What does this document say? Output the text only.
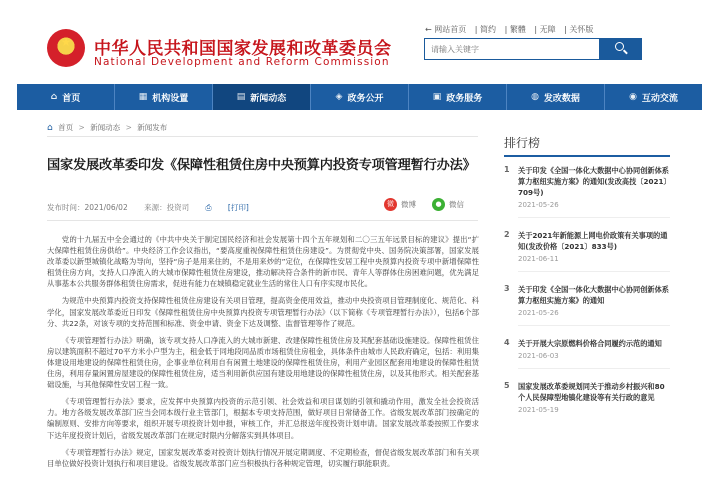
★	中华人民共和国国家发展和改革委员会
National Development and Reform Commission
← 网站首页 | 简约 | 繁體 | 无障 | 关怀版
请输入关键字
⌂ 首页	▦ 机构设置	▤ 新闻动态	◈ 政务公开	▣ 政务服务	◍ 发改数据	◉ 互动交流
⌂ 首页 > 新闻动态 > 新闻发布
国家发展改革委印发《保障性租赁住房中央预算内投资专项管理暂行办法》
发布时间：2021/06/02 来源：投资司 ⎙ [打印]	微 微博	● 微信

党的十九届五中全会通过的《中共中央关于制定国民经济和社会发展第十四个五年规划和二〇三五年远景目标的建议》提出“扩大保障性租赁住房供给”。中央经济工作会议指出，“要高度重视保障性租赁住房建设”。为贯彻党中央、国务院决策部署，国家发展改革委以新型城镇化战略为导向，坚持“房子是用来住的，不是用来炒的”定位，在保障性安居工程中央预算内投资专项中新增保障性租赁住房方向，支持人口净流入的大城市保障性租赁住房建设，推动解决符合条件的新市民、青年人等群体住房困难问题，优先满足从事基本公共服务群体租赁住房需求，促进有能力在城镇稳定就业生活的常住人口有序实现市民化。

为规范中央预算内投资支持保障性租赁住房建设有关项目管理，提高资金使用效益，推动中央投资项目管理制度化、规范化、科学化，国家发展改革委近日印发《保障性租赁住房中央预算内投资专项管理暂行办法》（以下简称《专项管理暂行办法》），包括6个部分、共22条，对该专项的支持范围和标准、资金申请、资金下达及调整、监督管理等作了规范。

《专项管理暂行办法》明确，该专项支持人口净流入的大城市新建、改建保障性租赁住房及其配套基础设施建设。保障性租赁住房以建筑面积不超过70平方米小户型为主，租金低于同地段同品质市场租赁住房租金，具体条件由城市人民政府确定，包括：利用集体建设用地建设的保障性租赁住房，企事业单位利用自有闲置土地建设的保障性租赁住房，利用产业园区配套用地建设的保障性租赁住房，利用存量闲置房屋建设的保障性租赁住房，适当利用新供应国有建设用地建设的保障性租赁住房，以及其他形式。相关配套基础设施，与其他保障性安居工程一致。

《专项管理暂行办法》要求，应发挥中央预算内投资的示范引领、社会效益和项目谋划的引领和撬动作用，激发全社会投资活力。地方各级发展改革部门应当会同本级行业主管部门，根据本专项支持范围，做好项目日常储备工作。省级发展改革部门按确定的编制原则、安排方向等要求，组织开展专项投资计划申报，审核工作，并汇总报送年度投资计划申请。国家发展改革委按照工作要求下达年度投资计划后，省级发展改革部门在规定时限内分解落实到具体项目。

《专项管理暂行办法》规定，国家发展改革委对投资计划执行情况开展定期调度、不定期检查，督促省级发展改革部门和有关项目单位做好投资计划执行和项目建设。省级发展改革部门应当积极执行各种规定管理，切实履行职能职责。

排行榜
1 关于印发《全国一体化大数据中心协同创新体系算力枢纽实施方案》的通知(发改高技〔2021〕709号)
2021-05-26
2 关于2021年新能源上网电价政策有关事项的通知(发改价格〔2021〕833号)
2021-06-11
3 关于印发《全国一体化大数据中心协同创新体系算力枢纽实施方案》的通知
2021-05-26
4 关于开展大宗原燃料价格合同履约示范的通知
2021-06-03
5 国家发展改革委规划同关于推动乡村振兴和80个人民保障型地镇化建设等有关行政的意见
2021-05-19
